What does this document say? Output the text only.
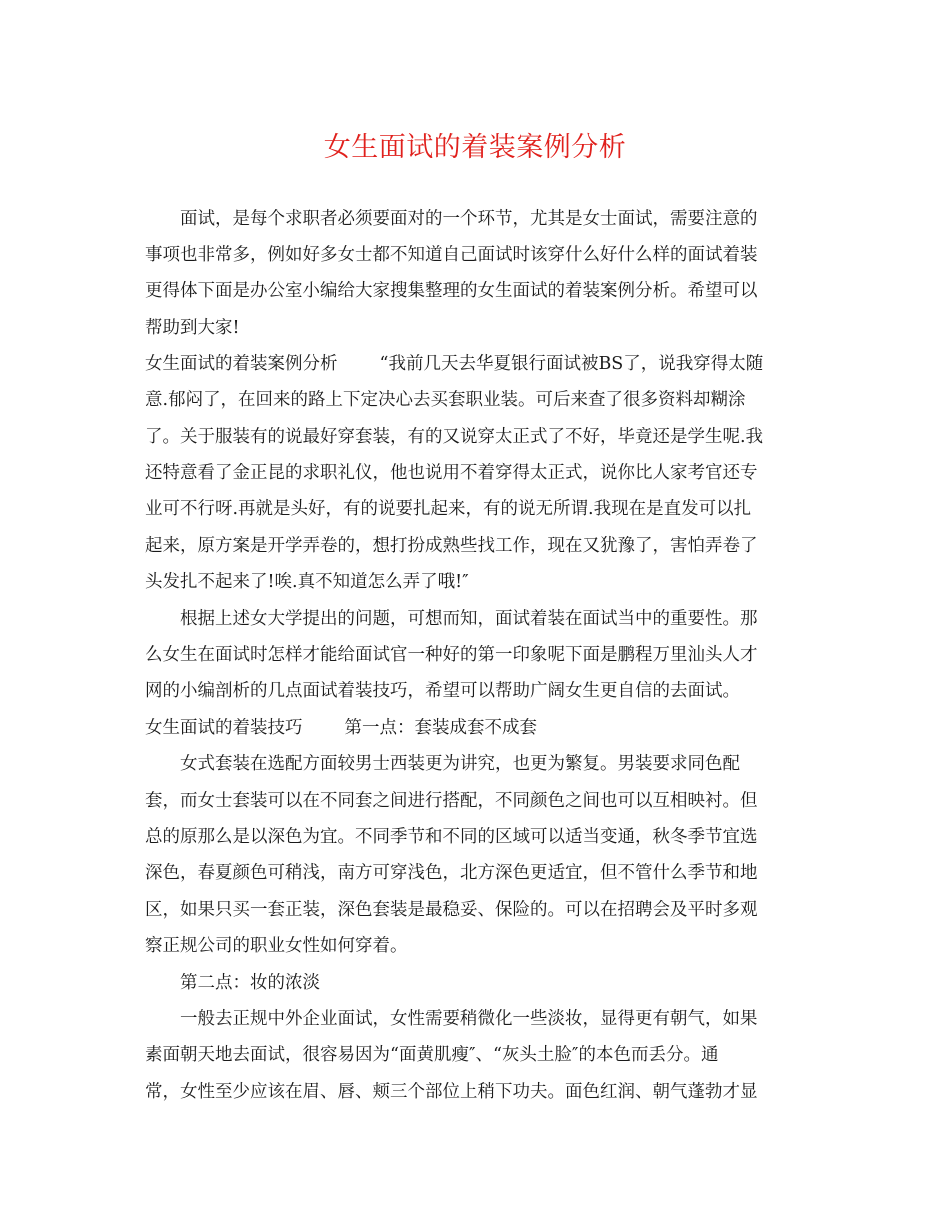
女生面试的着装案例分析
面试，是每个求职者必须要面对的一个环节，尤其是女士面试，需要注意的
事项也非常多，例如好多女士都不知道自己面试时该穿什么好什么样的面试着装
更得体下面是办公室小编给大家搜集整理的女生面试的着装案例分析。希望可以
帮助到大家!
女生面试的着装案例分析 “我前几天去华夏银行面试被BS了，说我穿得太随
意.郁闷了，在回来的路上下定决心去买套职业装。可后来查了很多资料却糊涂
了。关于服装有的说最好穿套装，有的又说穿太正式了不好，毕竟还是学生呢.我
还特意看了金正昆的求职礼仪，他也说用不着穿得太正式，说你比人家考官还专
业可不行呀.再就是头好，有的说要扎起来，有的说无所谓.我现在是直发可以扎
起来，原方案是开学弄卷的，想打扮成熟些找工作，现在又犹豫了，害怕弄卷了
头发扎不起来了!唉.真不知道怎么弄了哦!″
根据上述女大学提出的问题，可想而知，面试着装在面试当中的重要性。那
么女生在面试时怎样才能给面试官一种好的第一印象呢下面是鹏程万里汕头人才
网的小编剖析的几点面试着装技巧，希望可以帮助广阔女生更自信的去面试。
女生面试的着装技巧 第一点：套装成套不成套
女式套装在选配方面较男士西装更为讲究，也更为繁复。男装要求同色配
套，而女士套装可以在不同套之间进行搭配，不同颜色之间也可以互相映衬。但
总的原那么是以深色为宜。不同季节和不同的区域可以适当变通，秋冬季节宜选
深色，春夏颜色可稍浅，南方可穿浅色，北方深色更适宜，但不管什么季节和地
区，如果只买一套正装，深色套装是最稳妥、保险的。可以在招聘会及平时多观
察正规公司的职业女性如何穿着。
第二点：妆的浓淡
一般去正规中外企业面试，女性需要稍微化一些淡妆，显得更有朝气，如果
素面朝天地去面试，很容易因为“面黄肌瘦″、“灰头土脸″的本色而丢分。通
常，女性至少应该在眉、唇、颊三个部位上稍下功夫。面色红润、朝气蓬勃才显
